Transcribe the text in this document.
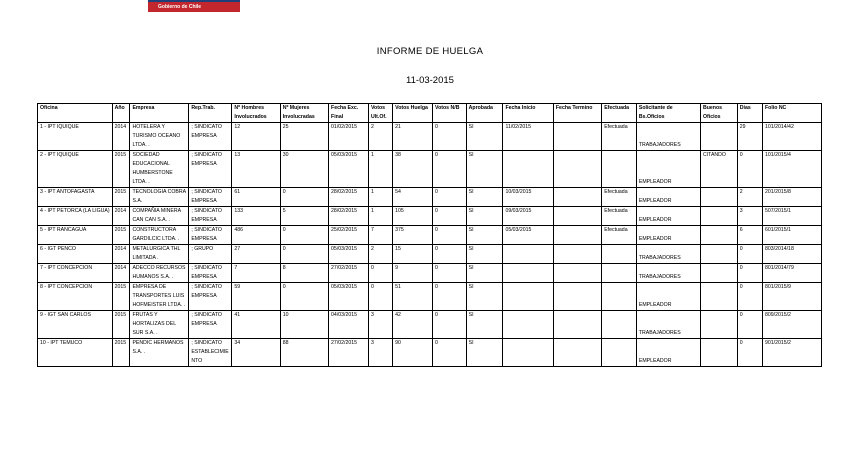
Gobierno de Chile
INFORME DE HUELGA
11-03-2015
Oficina	Año	Empresa	Rep.Trab.	Nº Hombres Involucrados	Nº Mujeres Involucradas	Fecha Exc. Final	Votos Ult.Of.	Votos Huelga	Votos N/B	Aprobada	Fecha Inicio	Fecha Termino	Efectuada	Solicitante de Bs.Oficios	Buenos Oficios	Días	Folio NC
1 - IPT IQUIQUE	2014	HOTELERA Y TURISMO OCEANO LTDA. .	; SINDICATO EMPRESA	12	25	01/02/2015	2	21	0	SI	11/02/2015		Efectuada	TRABAJADORES		29	101/2014/42
2 - IPT IQUIQUE	2015	SOCIEDAD EDUCACIONAL HUMBERSTONE LTDA. .	; SINDICATO EMPRESA	13	30	05/03/2015	1	38	0	SI				EMPLEADOR	CITANDO	0	101/2015/4
3 - IPT ANTOFAGASTA	2015	TECNOLOGIA COBRA S.A.	; SINDICATO EMPRESA	61	0	28/02/2015	1	54	0	SI	10/03/2015		Efectuada	EMPLEADOR		2	201/2015/8
4 - IPT PETORCA (LA LIGUA)	2014	COMPAÑIA MINERA CAN CAN S.A. .	; SINDICATO EMPRESA	133	5	28/02/2015	1	105	0	SI	09/03/2015		Efectuada	EMPLEADOR		3	507/2015/1
5 - IPT RANCAGUA	2015	CONSTRUCTORA GARDILCIC LTDA. .	; SINDICATO EMPRESA	486	0	25/02/2015	7	375	0	SI	05/03/2015		Efectuada	EMPLEADOR		6	601/2015/1
6 - IGT PENCO	2014	METALURGICA THL LIMITADA .	; GRUPO	27	0	05/03/2015	2	15	0	SI				TRABAJADORES		0	803/2014/18
7 - IPT CONCEPCION	2014	ADECCO RECURSOS HUMANOS S.A. .	; SINDICATO EMPRESA	7	8	27/02/2015	0	9	0	SI				TRABAJADORES		0	801/2014/79
8 - IPT CONCEPCION	2015	EMPRESA DE TRANSPORTES LUIS HOFMEISTER LTDA. .	; SINDICATO EMPRESA	59	0	05/03/2015	0	51	0	SI				EMPLEADOR		0	801/2015/9
9 - IGT SAN CARLOS	2015	FRUTAS Y HORTALIZAS DEL SUR S.A. .	; SINDICATO EMPRESA	41	10	04/03/2015	3	42	0	SI				TRABAJADORES		0	809/2015/2
10 - IPT TEMUCO	2015	PENDIC HERMANOS S.A. .	; SINDICATO ESTABLECIMIENTO	34	88	27/02/2015	3	90	0	SI				EMPLEADOR		0	901/2015/2
